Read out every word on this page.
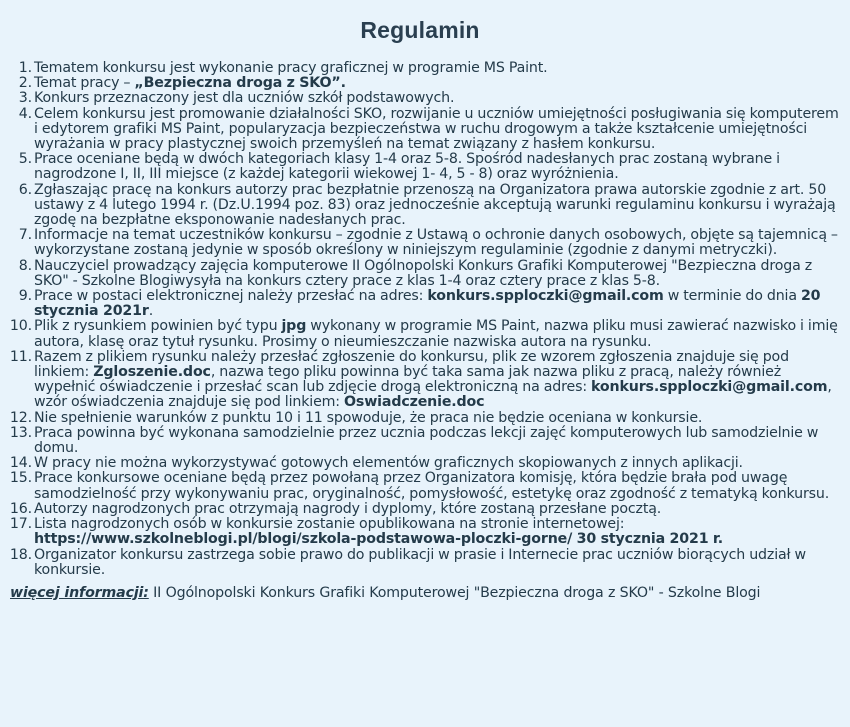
Regulamin
1. Tematem konkursu jest wykonanie pracy graficznej w programie MS Paint.
2. Temat pracy – „Bezpieczna droga z SKO”.
3. Konkurs przeznaczony jest dla uczniów szkół podstawowych.
4. Celem konkursu jest promowanie działalności SKO, rozwijanie u uczniów umiejętności posługiwania się komputerem i edytorem grafiki MS Paint, popularyzacja bezpieczeństwa w ruchu drogowym a także kształcenie umiejętności wyrażania w pracy plastycznej swoich przemyśleń na temat związany z hasłem konkursu.
5. Prace oceniane będą w dwóch kategoriach klasy 1-4 oraz 5-8. Spośród nadesłanych prac zostaną wybrane i nagrodzone I, II, III miejsce (z każdej kategorii wiekowej 1- 4, 5 - 8) oraz wyróżnienia.
6. Zgłaszając pracę na konkurs autorzy prac bezpłatnie przenoszą na Organizatora prawa autorskie zgodnie z art. 50 ustawy z 4 lutego 1994 r. (Dz.U.1994 poz. 83) oraz jednocześnie akceptują warunki regulaminu konkursu i wyrażają zgodę na bezpłatne eksponowanie nadesłanych prac.
7. Informacje na temat uczestników konkursu – zgodnie z Ustawą o ochronie danych osobowych, objęte są tajemnicą – wykorzystane zostaną jedynie w sposób określony w niniejszym regulaminie (zgodnie z danymi metryczki).
8. Nauczyciel prowadzący zajęcia komputerowe II Ogólnopolski Konkurs Grafiki Komputerowej "Bezpieczna droga z SKO" - Szkolne Blogiwysyła na konkurs cztery prace z klas 1-4 oraz cztery prace z klas 5-8.
9. Prace w postaci elektronicznej należy przesłać na adres: konkurs.spploczki@gmail.com w terminie do dnia 20 stycznia 2021r.
10. Plik z rysunkiem powinien być typu jpg wykonany w programie MS Paint, nazwa pliku musi zawierać nazwisko i imię autora, klasę oraz tytuł rysunku. Prosimy o nieumieszczanie nazwiska autora na rysunku.
11. Razem z plikiem rysunku należy przesłać zgłoszenie do konkursu, plik ze wzorem zgłoszenia znajduje się pod linkiem: Zgloszenie.doc, nazwa tego pliku powinna być taka sama jak nazwa pliku z pracą, należy również wypełnić oświadczenie i przesłać scan lub zdjęcie drogą elektroniczną na adres: konkurs.spploczki@gmail.com, wzór oświadczenia znajduje się pod linkiem: Oswiadczenie.doc
12. Nie spełnienie warunków z punktu 10 i 11 spowoduje, że praca nie będzie oceniana w konkursie.
13. Praca powinna być wykonana samodzielnie przez ucznia podczas lekcji zajęć komputerowych lub samodzielnie w domu.
14. W pracy nie można wykorzystywać gotowych elementów graficznych skopiowanych z innych aplikacji.
15. Prace konkursowe oceniane będą przez powołaną przez Organizatora komisję, która będzie brała pod uwagę samodzielność przy wykonywaniu prac, oryginalność, pomysłowość, estetykę oraz zgodność z tematyką konkursu.
16. Autorzy nagrodzonych prac otrzymają nagrody i dyplomy, które zostaną przesłane pocztą.
17. Lista nagrodzonych osób w konkursie zostanie opublikowana na stronie internetowej: https://www.szkolneblogi.pl/blogi/szkola-podstawowa-ploczki-gorne/ 30 stycznia 2021 r.
18. Organizator konkursu zastrzega sobie prawo do publikacji w prasie i Internecie prac uczniów biorących udział w konkursie.
więcej informacji: II Ogólnopolski Konkurs Grafiki Komputerowej "Bezpieczna droga z SKO" - Szkolne Blogi
